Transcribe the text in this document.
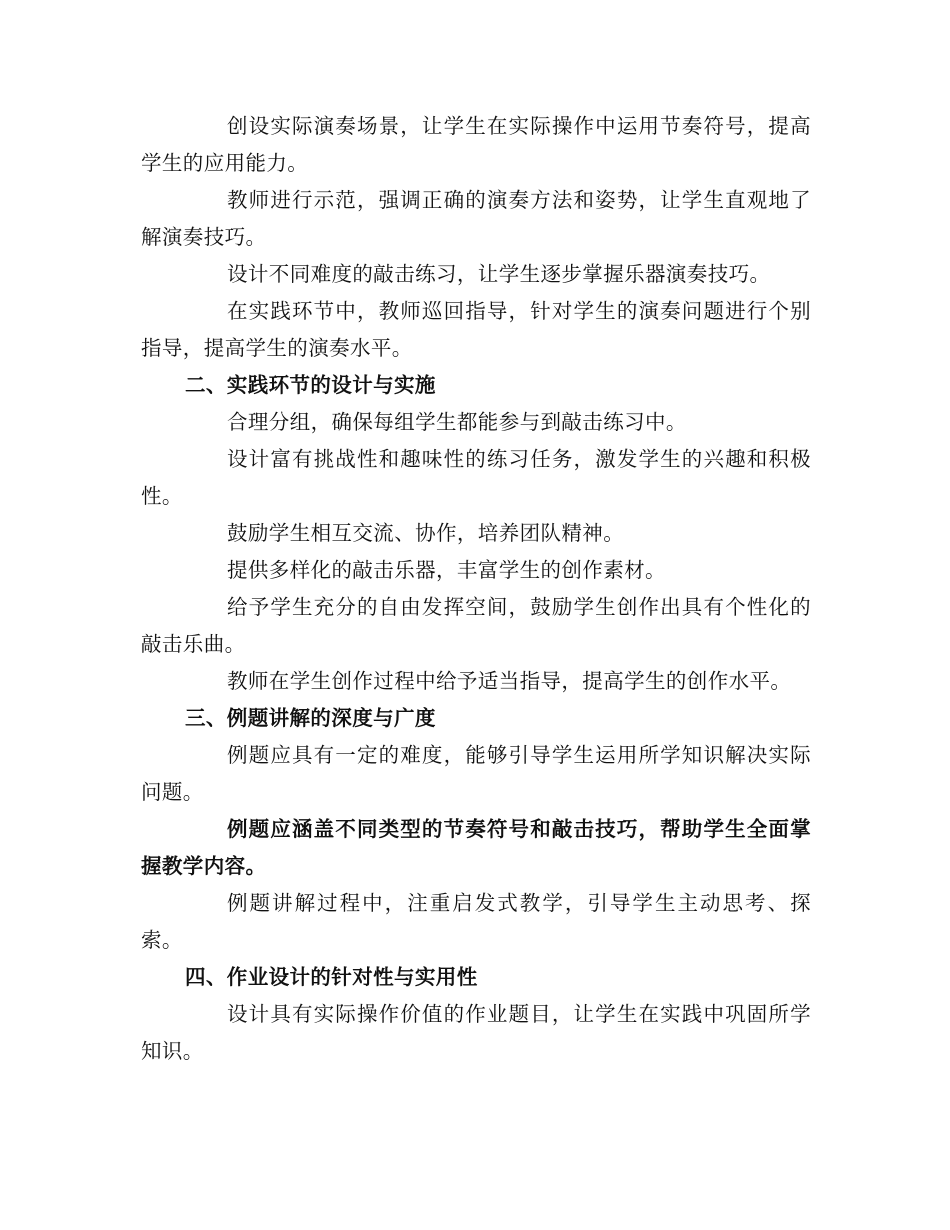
创设实际演奏场景，让学生在实际操作中运用节奏符号，提高学生的应用能力。

教师进行示范，强调正确的演奏方法和姿势，让学生直观地了解演奏技巧。

设计不同难度的敲击练习，让学生逐步掌握乐器演奏技巧。

在实践环节中，教师巡回指导，针对学生的演奏问题进行个别指导，提高学生的演奏水平。

二、实践环节的设计与实施

合理分组，确保每组学生都能参与到敲击练习中。

设计富有挑战性和趣味性的练习任务，激发学生的兴趣和积极性。

鼓励学生相互交流、协作，培养团队精神。

提供多样化的敲击乐器，丰富学生的创作素材。

给予学生充分的自由发挥空间，鼓励学生创作出具有个性化的敲击乐曲。

教师在学生创作过程中给予适当指导，提高学生的创作水平。

三、例题讲解的深度与广度

例题应具有一定的难度，能够引导学生运用所学知识解决实际问题。

例题应涵盖不同类型的节奏符号和敲击技巧，帮助学生全面掌握教学内容。

例题讲解过程中，注重启发式教学，引导学生主动思考、探索。

四、作业设计的针对性与实用性

设计具有实际操作价值的作业题目，让学生在实践中巩固所学知识。
